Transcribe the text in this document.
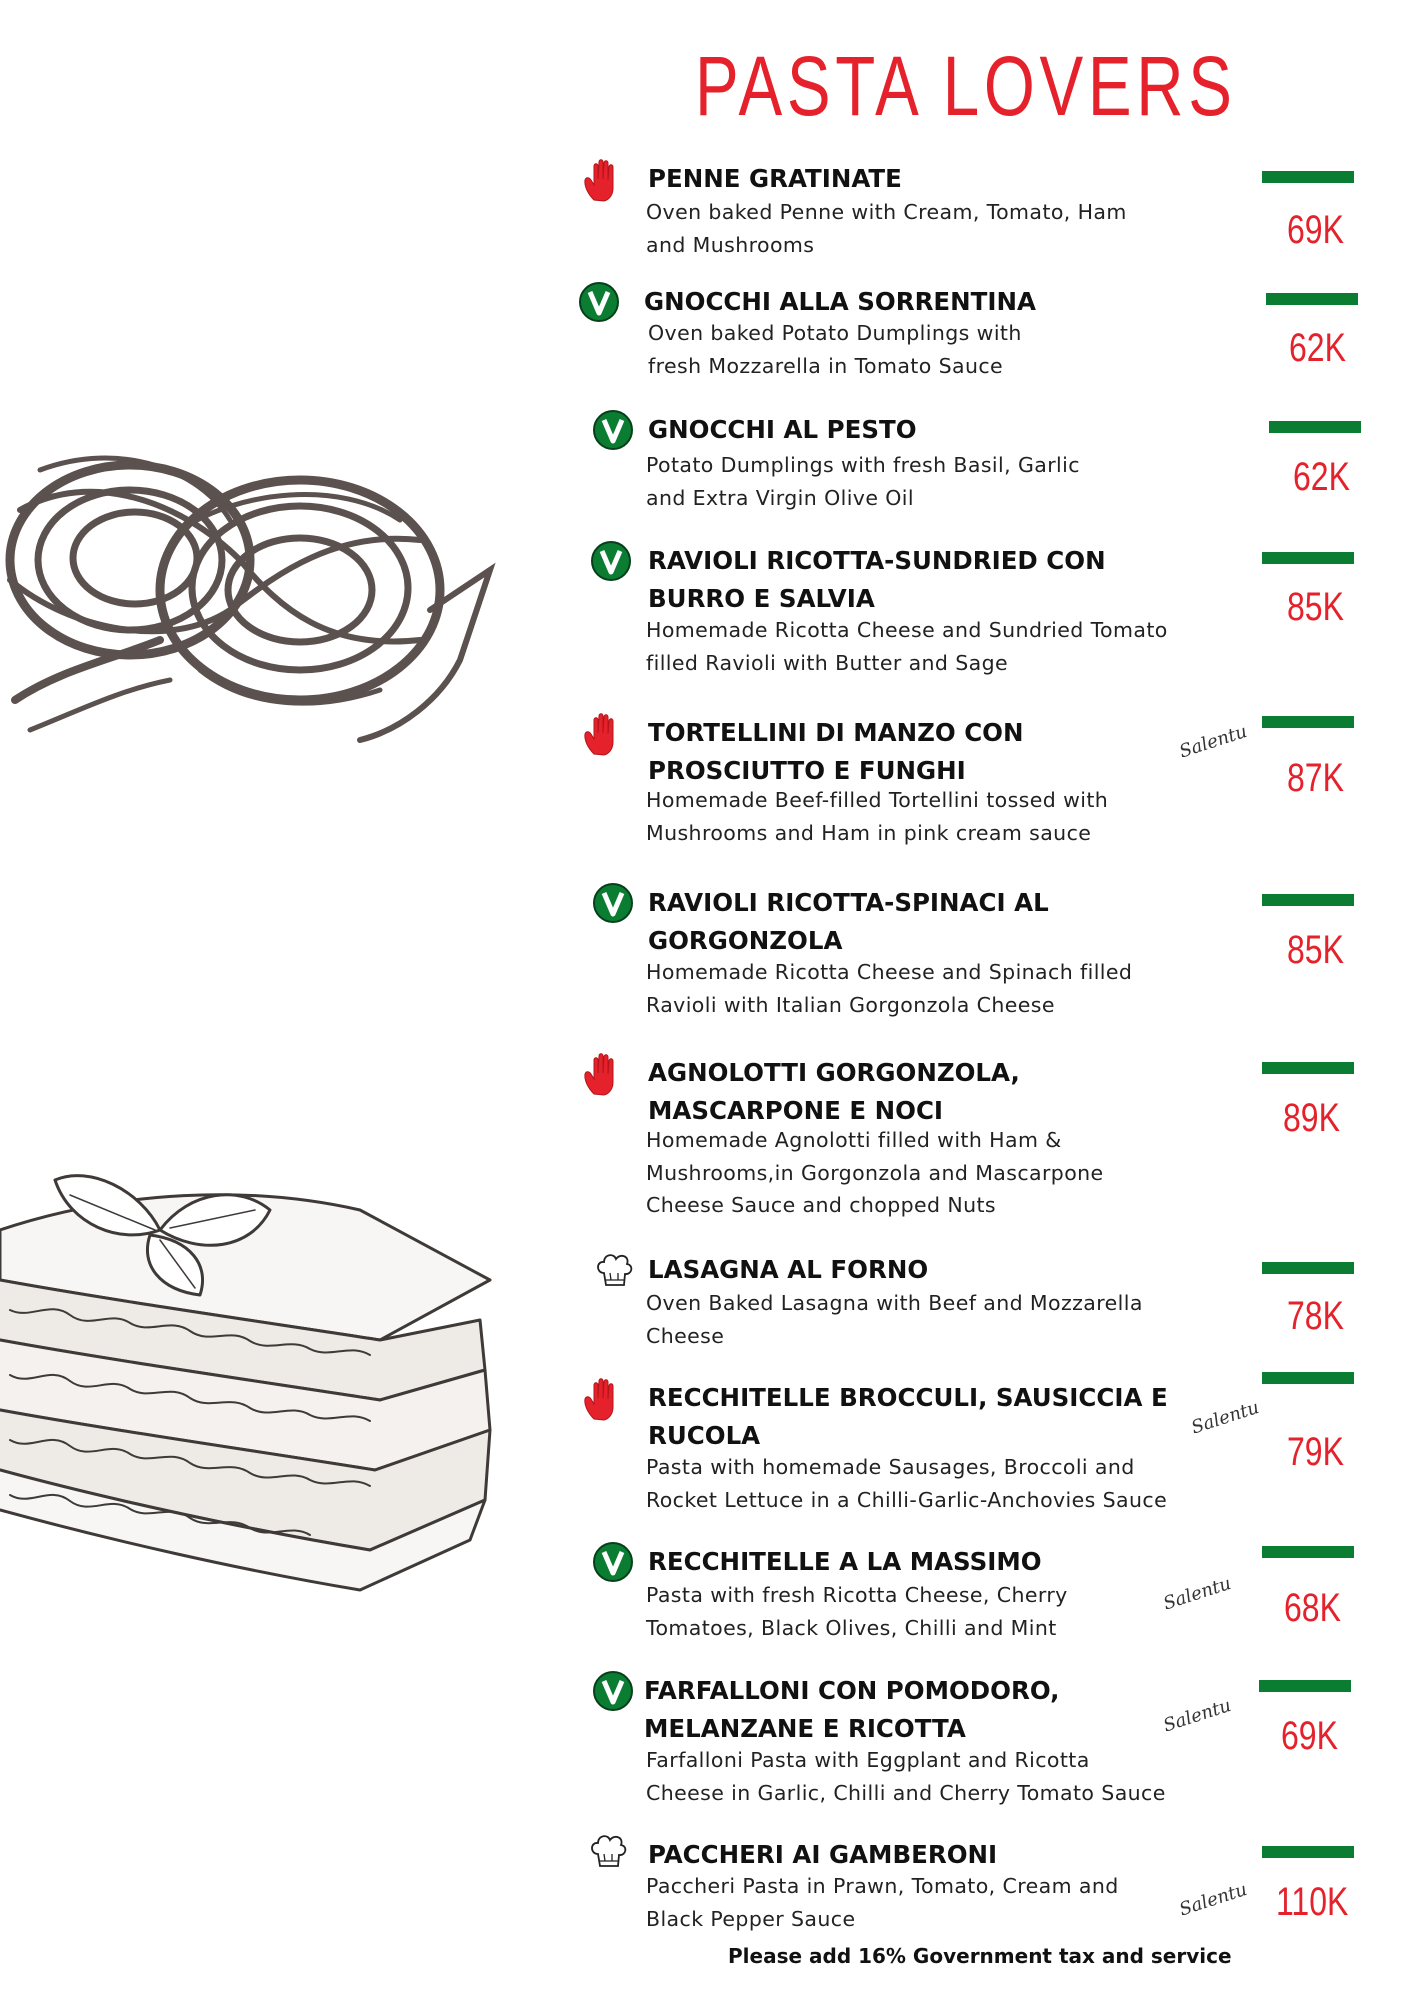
PASTA LOVERS
PENNE GRATINATE
Oven baked Penne with Cream, Tomato, Ham
and Mushrooms	69K
GNOCCHI ALLA SORRENTINA
Oven baked Potato Dumplings with
fresh Mozzarella in Tomato Sauce	62K
GNOCCHI AL PESTO
Potato Dumplings with fresh Basil, Garlic
and Extra Virgin Olive Oil	62K
RAVIOLI RICOTTA-SUNDRIED CON
BURRO E SALVIA
Homemade Ricotta Cheese and Sundried Tomato
filled Ravioli with Butter and Sage
85K
TORTELLINI DI MANZO CON
PROSCIUTTO E FUNGHI
Homemade Beef-filled Tortellini tossed with
Mushrooms and Ham in pink cream sauce
Salentu
87K
RAVIOLI RICOTTA-SPINACI AL
GORGONZOLA
Homemade Ricotta Cheese and Spinach filled
Ravioli with Italian Gorgonzola Cheese
85K
AGNOLOTTI GORGONZOLA,
MASCARPONE E NOCI
Homemade Agnolotti filled with Ham &
Mushrooms,in Gorgonzola and Mascarpone
Cheese Sauce and chopped Nuts
89K
LASAGNA AL FORNO
Oven Baked Lasagna with Beef and Mozzarella
Cheese	78K
RECCHITELLE BROCCULI, SAUSICCIA E
RUCOLA
Pasta with homemade Sausages, Broccoli and
Rocket Lettuce in a Chilli-Garlic-Anchovies Sauce
Salentu
79K
RECCHITELLE A LA MASSIMO
Pasta with fresh Ricotta Cheese, Cherry
Tomatoes, Black Olives, Chilli and Mint
Salentu 68K
FARFALLONI CON POMODORO,
MELANZANE E RICOTTA
Farfalloni Pasta with Eggplant and Ricotta
Cheese in Garlic, Chilli and Cherry Tomato Sauce
Salentu 69K
PACCHERI AI GAMBERONI
Paccheri Pasta in Prawn, Tomato, Cream and
Black Pepper Sauce	Salentu 110K
Please add 16% Government tax and service
